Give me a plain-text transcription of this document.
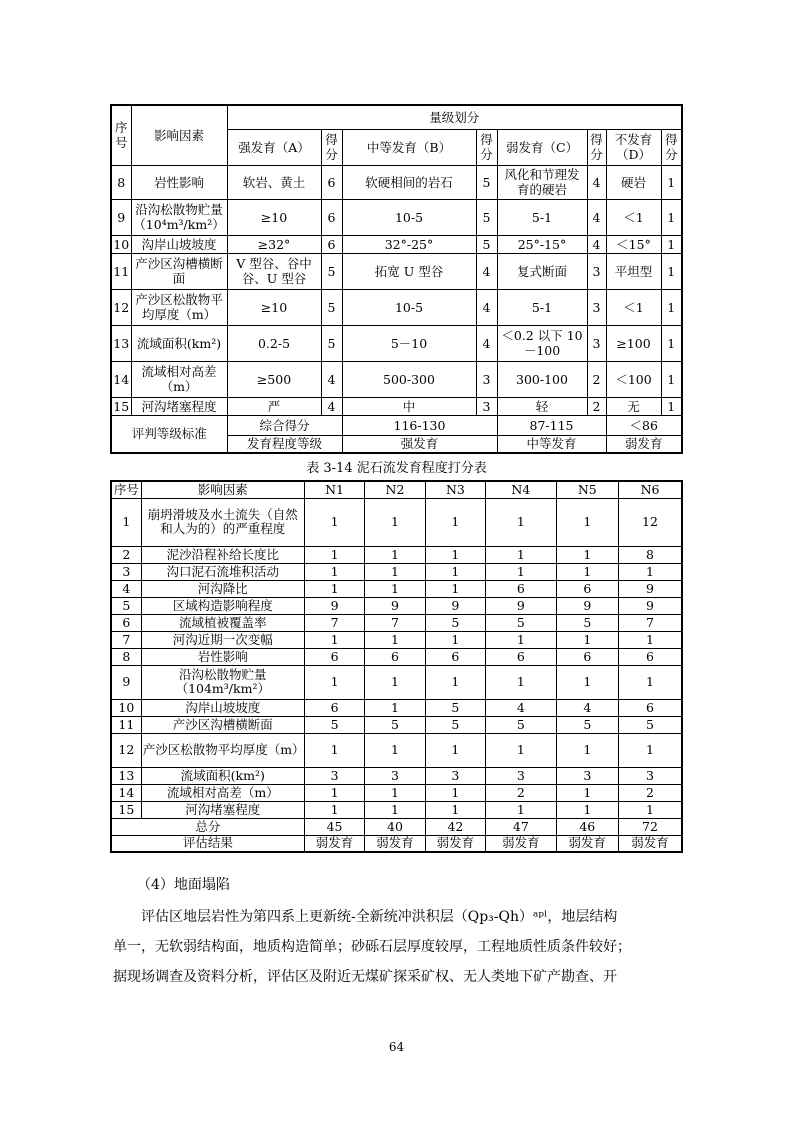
序号	影响因素	量级划分							
		强发育（A）	得分	中等发育（B）	得分	弱发育（C）	得分	不发育（D）	得分
8	岩性影响	软岩、黄土	6	软硬相间的岩石	5	风化和节理发育的硬岩	4	硬岩	1
9	沿沟松散物贮量（10⁴m³/km²）	≥10	6	10-5	5	5-1	4	＜1	1
10	沟岸山坡坡度	≥32°	6	32°-25°	5	25°-15°	4	＜15°	1
11	产沙区沟槽横断面	V 型谷、谷中谷、U 型谷	5	拓宽 U 型谷	4	复式断面	3	平坦型	1
12	产沙区松散物平均厚度（m）	≥10	5	10-5	4	5-1	3	＜1	1
13	流域面积(km²)	0.2-5	5	5－10	4	＜0.2 以下 10－100	3	≥100	1
14	流域相对高差（m）	≥500	4	500-300	3	300-100	2	＜100	1
15	河沟堵塞程度	严	4	中	3	轻	2	无	1
评判等级标准		综合得分		116-130		87-115		＜86	
		发育程度等级		强发育		中等发育		弱发育	
表 3-14 泥石流发育程度打分表
序号	影响因素	N1	N2	N3	N4	N5	N6
1	崩坍滑坡及水土流失（自然和人为的）的严重程度	1	1	1	1	1	12
2	泥沙沿程补给长度比	1	1	1	1	1	8
3	沟口泥石流堆积活动	1	1	1	1	1	1
4	河沟降比	1	1	1	6	6	9
5	区域构造影响程度	9	9	9	9	9	9
6	流域植被覆盖率	7	7	5	5	5	7
7	河沟近期一次变幅	1	1	1	1	1	1
8	岩性影响	6	6	6	6	6	6
9	沿沟松散物贮量（104m³/km²）	1	1	1	1	1	1
10	沟岸山坡坡度	6	1	5	4	4	6
11	产沙区沟槽横断面	5	5	5	5	5	5
12	产沙区松散物平均厚度（m）	1	1	1	1	1	1
13	流域面积(km²)	3	3	3	3	3	3
14	流域相对高差（m）	1	1	1	2	1	2
15	河沟堵塞程度	1	1	1	1	1	1
总分		45	40	42	47	46	72
评估结果		弱发育	弱发育	弱发育	弱发育	弱发育	弱发育
（4）地面塌陷
评估区地层岩性为第四系上更新统-全新统冲洪积层（Qp₃-Qh）ᵃᵖˡ，地层结构
单一，无软弱结构面，地质构造简单；砂砾石层厚度较厚，工程地质性质条件较好；
据现场调查及资料分析，评估区及附近无煤矿探采矿权、无人类地下矿产勘查、开
64
